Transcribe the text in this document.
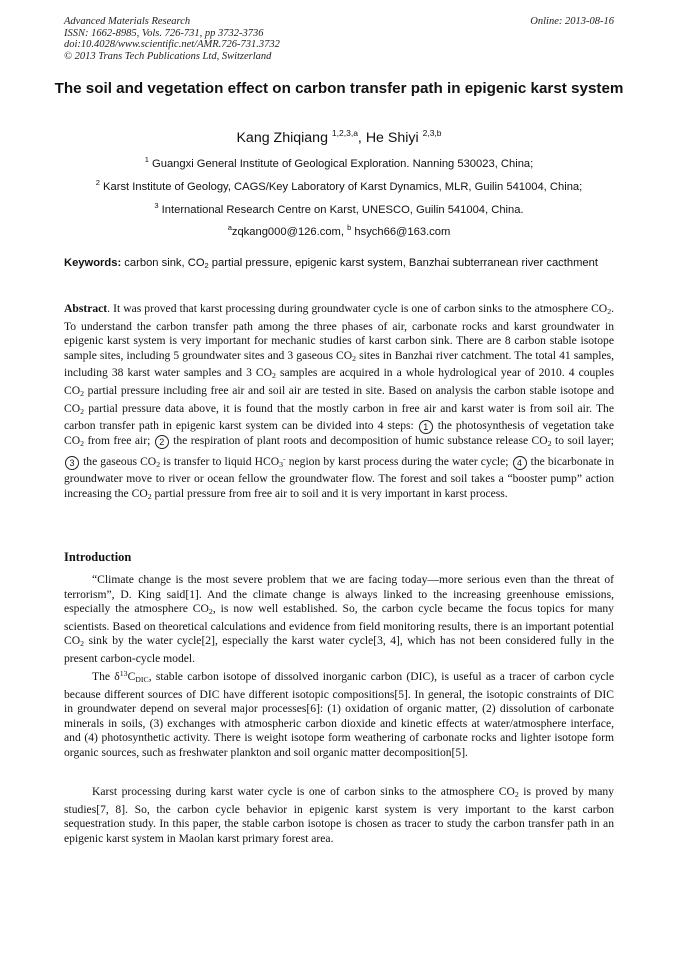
Advanced Materials Research
ISSN: 1662-8985, Vols. 726-731, pp 3732-3736
doi:10.4028/www.scientific.net/AMR.726-731.3732
© 2013 Trans Tech Publications Ltd, Switzerland
Online: 2013-08-16
The soil and vegetation effect on carbon transfer path in epigenic karst system
Kang Zhiqiang $^{1,2,3,a}$, He Shiyi $^{2,3,b}$
$^1$ Guangxi General Institute of Geological Exploration. Nanning 530023, China;
$^2$ Karst Institute of Geology, CAGS/Key Laboratory of Karst Dynamics, MLR, Guilin 541004, China;
$^3$ International Research Centre on Karst, UNESCO, Guilin 541004, China.
$^a$zqkang000@126.com, $^b$ hsych66@163.com
Keywords: carbon sink, $CO_2$ partial pressure, epigenic karst system, Banzhai subterranean river cacthment

Abstract. It was proved that karst processing during groundwater cycle is one of carbon sinks to the atmosphere $CO_2$. To understand the carbon transfer path among the three phases of air, carbonate rocks and karst groundwater in epigenic karst system is very important for mechanic studies of karst carbon sink. There are 8 carbon stable isotope sample sites, including 5 groundwater sites and 3 gaseous $CO_2$ sites in Banzhai river catchment. The total 41 samples, including 38 karst water samples and 3 $CO_2$ samples are acquired in a whole hydrological year of 2010. 4 couples $CO_2$ partial pressure including free air and soil air are tested in site. Based on analysis the carbon stable isotope and $CO_2$ partial pressure data above, it is found that the mostly carbon in free air and karst water is from soil air. The carbon transfer path in epigenic karst system can be divided into 4 steps: 1 the photosynthesis of vegetation take $CO_2$ from free air; 2 the respiration of plant roots and decomposition of humic substance release $CO_2$ to soil layer; 3 the gaseous $CO_2$ is transfer to liquid $HCO_3^-$ negion by karst process during the water cycle; 4 the bicarbonate in groundwater move to river or ocean fellow the groundwater flow. The forest and soil takes a “booster pump” action increasing the $CO_2$ partial pressure from free air to soil and it is very important in karst process.

Introduction

“Climate change is the most severe problem that we are facing today—more serious even than the threat of terrorism”, D. King said[1]. And the climate change is always linked to the increasing greenhouse emissions, especially the atmosphere $CO_2$, is now well established. So, the carbon cycle became the focus topics for many scientists. Based on theoretical calculations and evidence from field monitoring results, there is an important potential $CO_2$ sink by the water cycle[2], especially the karst water cycle[3, 4], which has not been considered fully in the present carbon-cycle model.

The $\delta^{13}C_{DIC}$, stable carbon isotope of dissolved inorganic carbon (DIC), is useful as a tracer of carbon cycle because different sources of DIC have different isotopic compositions[5]. In general, the isotopic constraints of DIC in groundwater depend on several major processes[6]: (1) oxidation of organic matter, (2) dissolution of carbonate minerals in soils, (3) exchanges with atmospheric carbon dioxide and kinetic effects at water/atmosphere interface, and (4) photosynthetic activity. There is weight isotope form weathering of carbonate rocks and lighter isotope form organic sources, such as freshwater plankton and soil organic matter decomposition[5].

Karst processing during karst water cycle is one of carbon sinks to the atmosphere $CO_2$ is proved by many studies[7, 8]. So, the carbon cycle behavior in epigenic karst system is very important to the karst carbon sequestration study. In this paper, the stable carbon isotope is chosen as tracer to study the carbon transfer path in an epigenic karst system in Maolan karst primary forest area.
